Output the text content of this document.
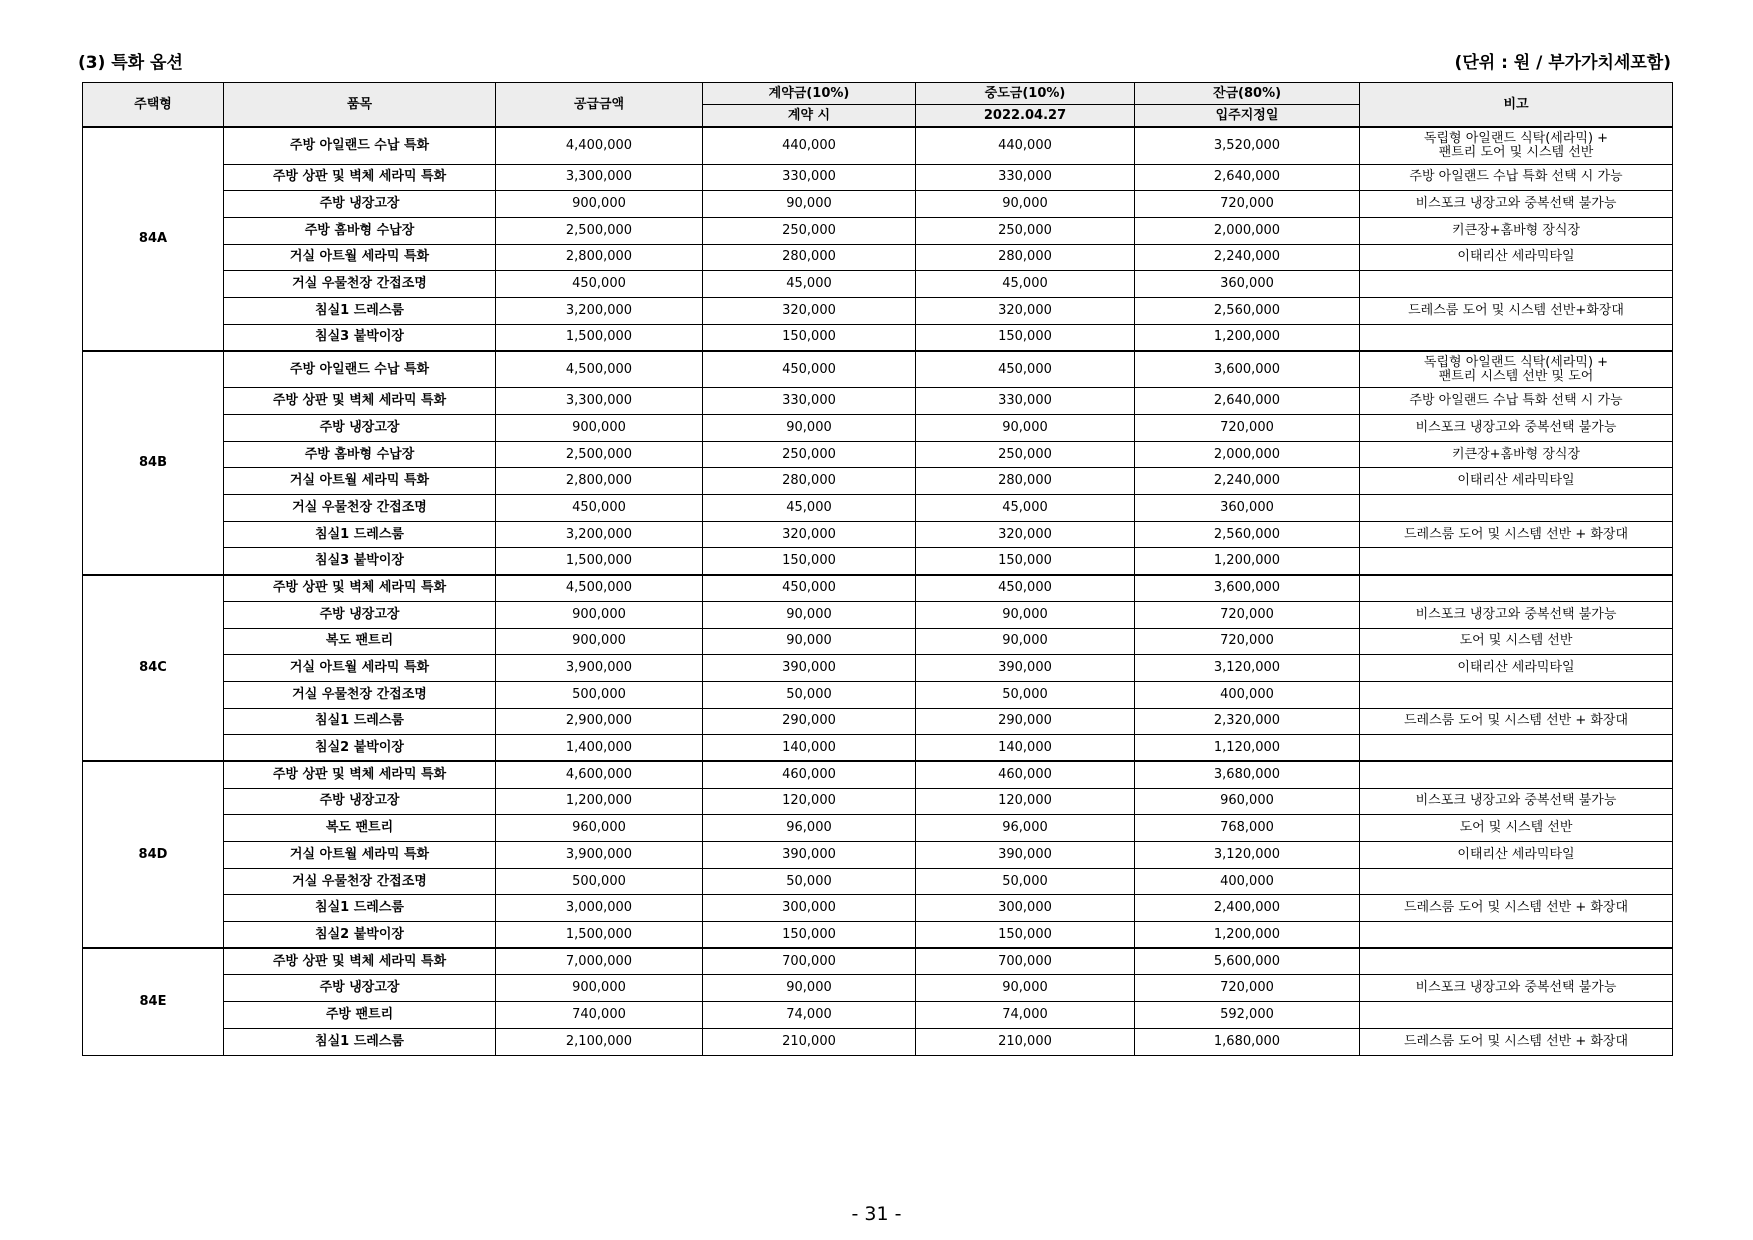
(3) 특화 옵션	(단위 : 원 / 부가가치세포함)
주택형	품목	공급금액	계약금(10%)	중도금(10%)	잔금(80%)	비고
			계약 시	2022.04.27	입주지정일	
84A	주방 아일랜드 수납 특화	4,400,000	440,000	440,000	3,520,000	독립형 아일랜드 식탁(세라믹) +
팬트리 도어 및 시스템 선반
	주방 상판 및 벽체 세라믹 특화	3,300,000	330,000	330,000	2,640,000	주방 아일랜드 수납 특화 선택 시 가능
	주방 냉장고장	900,000	90,000	90,000	720,000	비스포크 냉장고와 중복선택 불가능
	주방 홈바형 수납장	2,500,000	250,000	250,000	2,000,000	키큰장+홈바형 장식장
	거실 아트월 세라믹 특화	2,800,000	280,000	280,000	2,240,000	이태리산 세라믹타일
	거실 우물천장 간접조명	450,000	45,000	45,000	360,000	
	침실1 드레스룸	3,200,000	320,000	320,000	2,560,000	드레스룸 도어 및 시스템 선반+화장대
	침실3 붙박이장	1,500,000	150,000	150,000	1,200,000	
84B	주방 아일랜드 수납 특화	4,500,000	450,000	450,000	3,600,000	독립형 아일랜드 식탁(세라믹) +
팬트리 시스템 선반 및 도어
	주방 상판 및 벽체 세라믹 특화	3,300,000	330,000	330,000	2,640,000	주방 아일랜드 수납 특화 선택 시 가능
	주방 냉장고장	900,000	90,000	90,000	720,000	비스포크 냉장고와 중복선택 불가능
	주방 홈바형 수납장	2,500,000	250,000	250,000	2,000,000	키큰장+홈바형 장식장
	거실 아트월 세라믹 특화	2,800,000	280,000	280,000	2,240,000	이태리산 세라믹타일
	거실 우물천장 간접조명	450,000	45,000	45,000	360,000	
	침실1 드레스룸	3,200,000	320,000	320,000	2,560,000	드레스룸 도어 및 시스템 선반 + 화장대
	침실3 붙박이장	1,500,000	150,000	150,000	1,200,000	
84C	주방 상판 및 벽체 세라믹 특화	4,500,000	450,000	450,000	3,600,000	
	주방 냉장고장	900,000	90,000	90,000	720,000	비스포크 냉장고와 중복선택 불가능
	복도 팬트리	900,000	90,000	90,000	720,000	도어 및 시스템 선반
	거실 아트월 세라믹 특화	3,900,000	390,000	390,000	3,120,000	이태리산 세라믹타일
	거실 우물천장 간접조명	500,000	50,000	50,000	400,000	
	침실1 드레스룸	2,900,000	290,000	290,000	2,320,000	드레스룸 도어 및 시스템 선반 + 화장대
	침실2 붙박이장	1,400,000	140,000	140,000	1,120,000	
84D	주방 상판 및 벽체 세라믹 특화	4,600,000	460,000	460,000	3,680,000	
	주방 냉장고장	1,200,000	120,000	120,000	960,000	비스포크 냉장고와 중복선택 불가능
	복도 팬트리	960,000	96,000	96,000	768,000	도어 및 시스템 선반
	거실 아트월 세라믹 특화	3,900,000	390,000	390,000	3,120,000	이태리산 세라믹타일
	거실 우물천장 간접조명	500,000	50,000	50,000	400,000	
	침실1 드레스룸	3,000,000	300,000	300,000	2,400,000	드레스룸 도어 및 시스템 선반 + 화장대
	침실2 붙박이장	1,500,000	150,000	150,000	1,200,000	
84E	주방 상판 및 벽체 세라믹 특화	7,000,000	700,000	700,000	5,600,000	
	주방 냉장고장	900,000	90,000	90,000	720,000	비스포크 냉장고와 중복선택 불가능
	주방 팬트리	740,000	74,000	74,000	592,000	
	침실1 드레스룸	2,100,000	210,000	210,000	1,680,000	드레스룸 도어 및 시스템 선반 + 화장대
- 31 -
